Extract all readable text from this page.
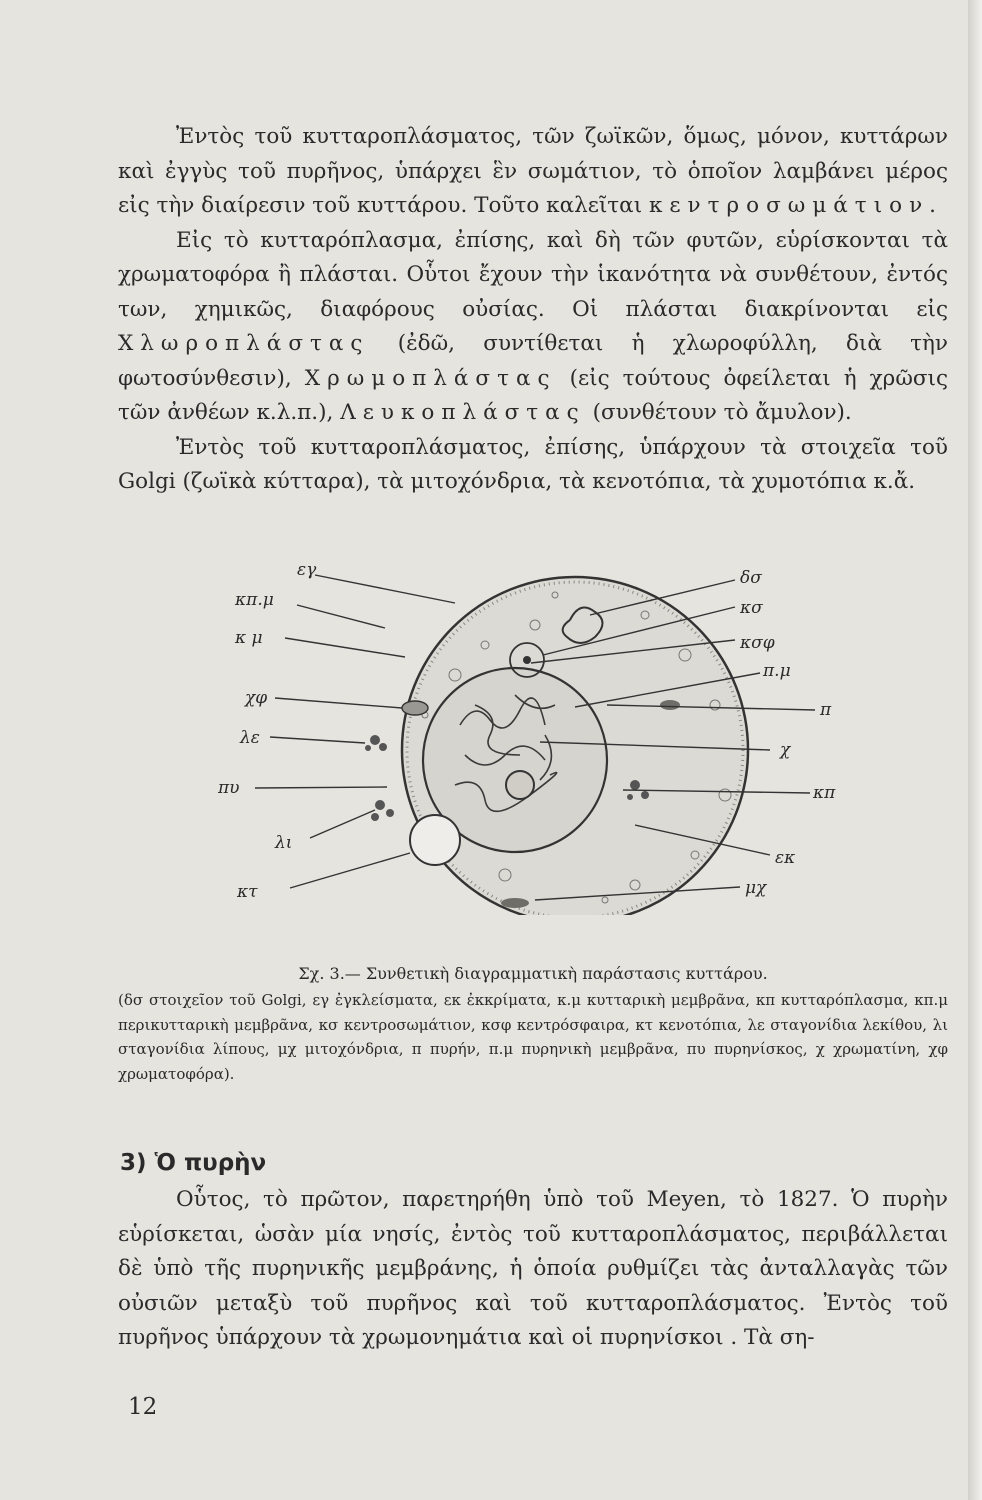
Ἐντὸς τοῦ κυτταροπλάσματος, τῶν ζωϊκῶν, ὅμως, μόνον, κυττάρων καὶ ἐγγὺς τοῦ πυρῆνος, ὑπάρχει ἓν σωμάτιον, τὸ ὁποῖον λαμβάνει μέρος εἰς τὴν διαίρεσιν τοῦ κυττάρου. Τοῦτο καλεῖται κεντροσωμάτιον.

Εἰς τὸ κυτταρόπλασμα, ἐπίσης, καὶ δὴ τῶν φυτῶν, εὑρίσκονται τὰ χρωματοφόρα ἢ πλάσται. Οὗτοι ἔχουν τὴν ἱκανότητα νὰ συνθέτουν, ἐντός των, χημικῶς, διαφόρους οὐσίας. Οἱ πλάσται διακρίνονται εἰς Χλωροπλάστας (ἐδῶ, συντίθεται ἡ χλωροφύλλη, διὰ τὴν φωτοσύνθεσιν), Χρωμοπλάστας (εἰς τούτους ὀφείλεται ἡ χρῶσις τῶν ἀνθέων κ.λ.π.), Λευκοπλάστας (συνθέτουν τὸ ἄμυλον).

Ἐντὸς τοῦ κυτταροπλάσματος, ἐπίσης, ὑπάρχουν τὰ στοιχεῖα τοῦ Golgi (ζωϊκὰ κύτταρα), τὰ μιτοχόνδρια, τὰ κενοτόπια, τὰ χυμοτόπια κ.ἄ.

εγ
κπ.μ
κ μ
χφ
λε
πυ
λι
κτ
δσ
κσ
κσφ
π.μ
π
χ
κπ
εκ
μχ
Σχ. 3.— Συνθετικὴ διαγραμματικὴ παράστασις κυττάρου.
(δσ στοιχεῖον τοῦ Golgi, εγ ἐγκλείσματα, εκ ἐκκρίματα, κ.μ κυτταρικὴ μεμβρᾶνα, κπ κυτταρόπλασμα, κπ.μ περικυτταρικὴ μεμβρᾶνα, κσ κεντροσωμάτιον, κσφ κεντρόσφαιρα, κτ κενοτόπια, λε σταγονίδια λεκίθου, λι σταγονίδια λίπους, μχ μιτοχόνδρια, π πυρήν, π.μ πυρηνικὴ μεμβρᾶνα, πυ πυρηνίσκος, χ χρωματίνη, χφ χρωματοφόρα).
3) Ὁ πυρὴν

Οὗτος, τὸ πρῶτον, παρετηρήθη ὑπὸ τοῦ Meyen, τὸ 1827. Ὁ πυρὴν εὑρίσκεται, ὡσὰν μία νησίς, ἐντὸς τοῦ κυτταροπλάσματος, περιβάλλεται δὲ ὑπὸ τῆς πυρηνικῆς μεμβράνης, ἡ ὁποία ρυθμίζει τὰς ἀνταλλαγὰς τῶν οὐσιῶν μεταξὺ τοῦ πυρῆνος καὶ τοῦ κυτταροπλάσματος. Ἐντὸς τοῦ πυρῆνος ὑπάρχουν τὰ χρωμονημάτια καὶ οἱ πυρηνίσκοι . Τὰ ση-

12
